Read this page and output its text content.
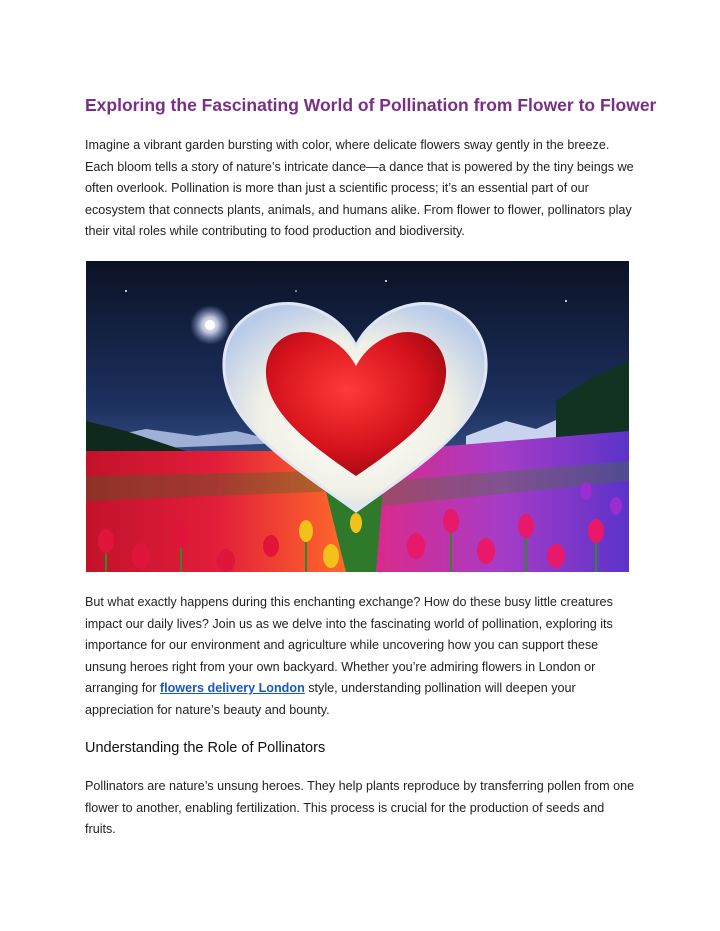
Exploring the Fascinating World of Pollination from Flower to Flower

Imagine a vibrant garden bursting with color, where delicate flowers sway gently in the breeze. Each bloom tells a story of nature’s intricate dance—a dance that is powered by the tiny beings we often overlook. Pollination is more than just a scientific process; it’s an essential part of our ecosystem that connects plants, animals, and humans alike. From flower to flower, pollinators play their vital roles while contributing to food production and biodiversity.

But what exactly happens during this enchanting exchange? How do these busy little creatures impact our daily lives? Join us as we delve into the fascinating world of pollination, exploring its importance for our environment and agriculture while uncovering how you can support these unsung heroes right from your own backyard. Whether you’re admiring flowers in London or arranging for flowers delivery London style, understanding pollination will deepen your appreciation for nature’s beauty and bounty.

Understanding the Role of Pollinators

Pollinators are nature’s unsung heroes. They help plants reproduce by transferring pollen from one flower to another, enabling fertilization. This process is crucial for the production of seeds and fruits.
